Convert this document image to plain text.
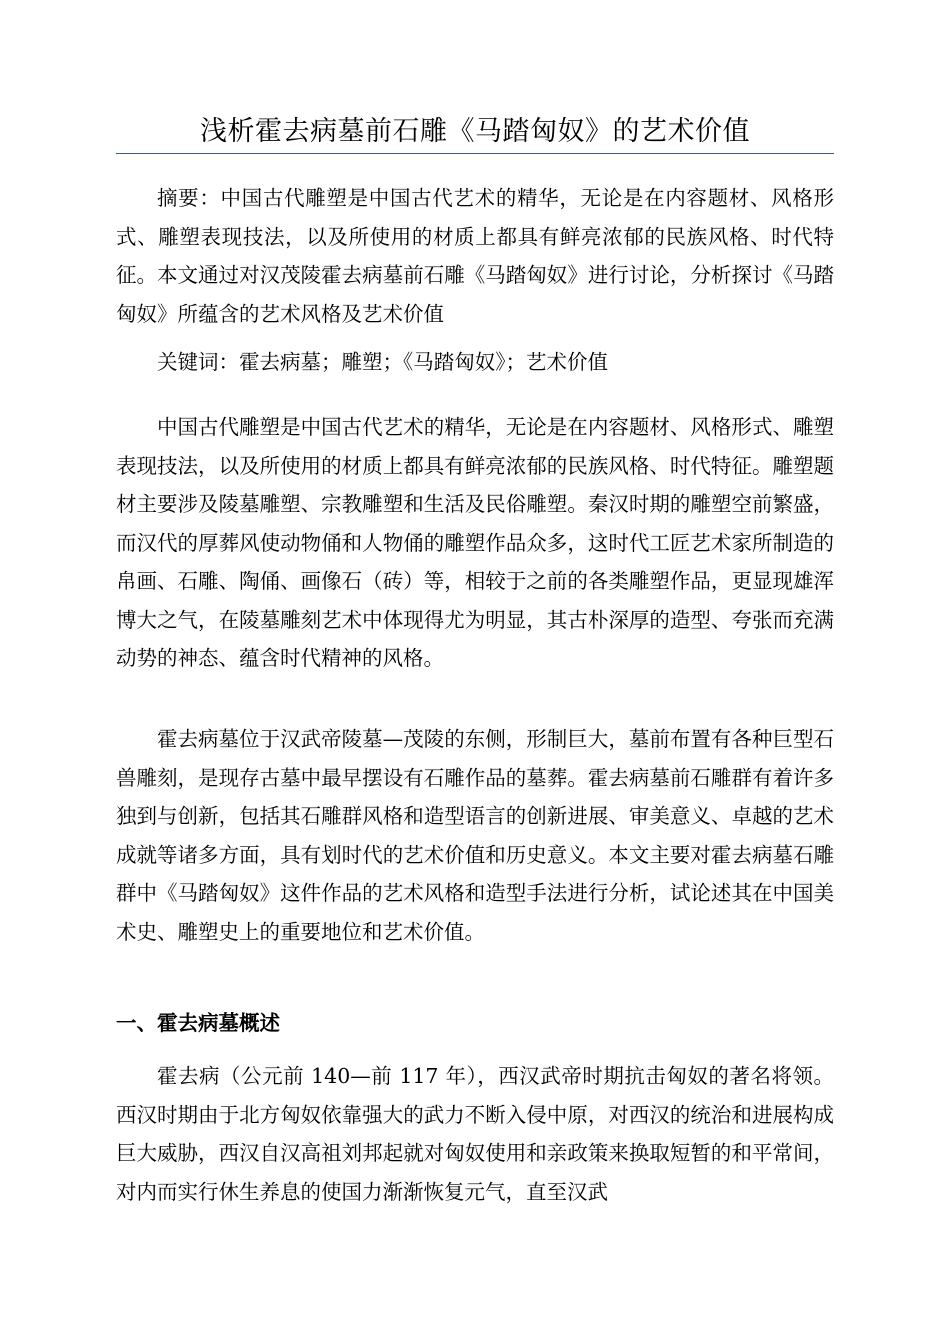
浅析霍去病墓前石雕《马踏匈奴》的艺术价值

摘要：中国古代雕塑是中国古代艺术的精华，无论是在内容题材、风格形式、雕塑表现技法，以及所使用的材质上都具有鲜亮浓郁的民族风格、时代特征。本文通过对汉茂陵霍去病墓前石雕《马踏匈奴》进行讨论，分析探讨《马踏匈奴》所蕴含的艺术风格及艺术价值

关键词：霍去病墓；雕塑；《马踏匈奴》；艺术价值

中国古代雕塑是中国古代艺术的精华，无论是在内容题材、风格形式、雕塑表现技法，以及所使用的材质上都具有鲜亮浓郁的民族风格、时代特征。雕塑题材主要涉及陵墓雕塑、宗教雕塑和生活及民俗雕塑。秦汉时期的雕塑空前繁盛，而汉代的厚葬风使动物俑和人物俑的雕塑作品众多，这时代工匠艺术家所制造的帛画、石雕、陶俑、画像石（砖）等，相较于之前的各类雕塑作品，更显现雄浑博大之气，在陵墓雕刻艺术中体现得尤为明显，其古朴深厚的造型、夸张而充满动势的神态、蕴含时代精神的风格。

霍去病墓位于汉武帝陵墓—茂陵的东侧，形制巨大，墓前布置有各种巨型石兽雕刻，是现存古墓中最早摆设有石雕作品的墓葬。霍去病墓前石雕群有着许多独到与创新，包括其石雕群风格和造型语言的创新进展、审美意义、卓越的艺术成就等诸多方面，具有划时代的艺术价值和历史意义。本文主要对霍去病墓石雕群中《马踏匈奴》这件作品的艺术风格和造型手法进行分析，试论述其在中国美术史、雕塑史上的重要地位和艺术价值。

一、霍去病墓概述

霍去病（公元前 140—前 117 年），西汉武帝时期抗击匈奴的著名将领。西汉时期由于北方匈奴依靠强大的武力不断入侵中原，对西汉的统治和进展构成巨大威胁，西汉自汉高祖刘邦起就对匈奴使用和亲政策来换取短暂的和平常间，对内而实行休生养息的使国力渐渐恢复元气，直至汉武
